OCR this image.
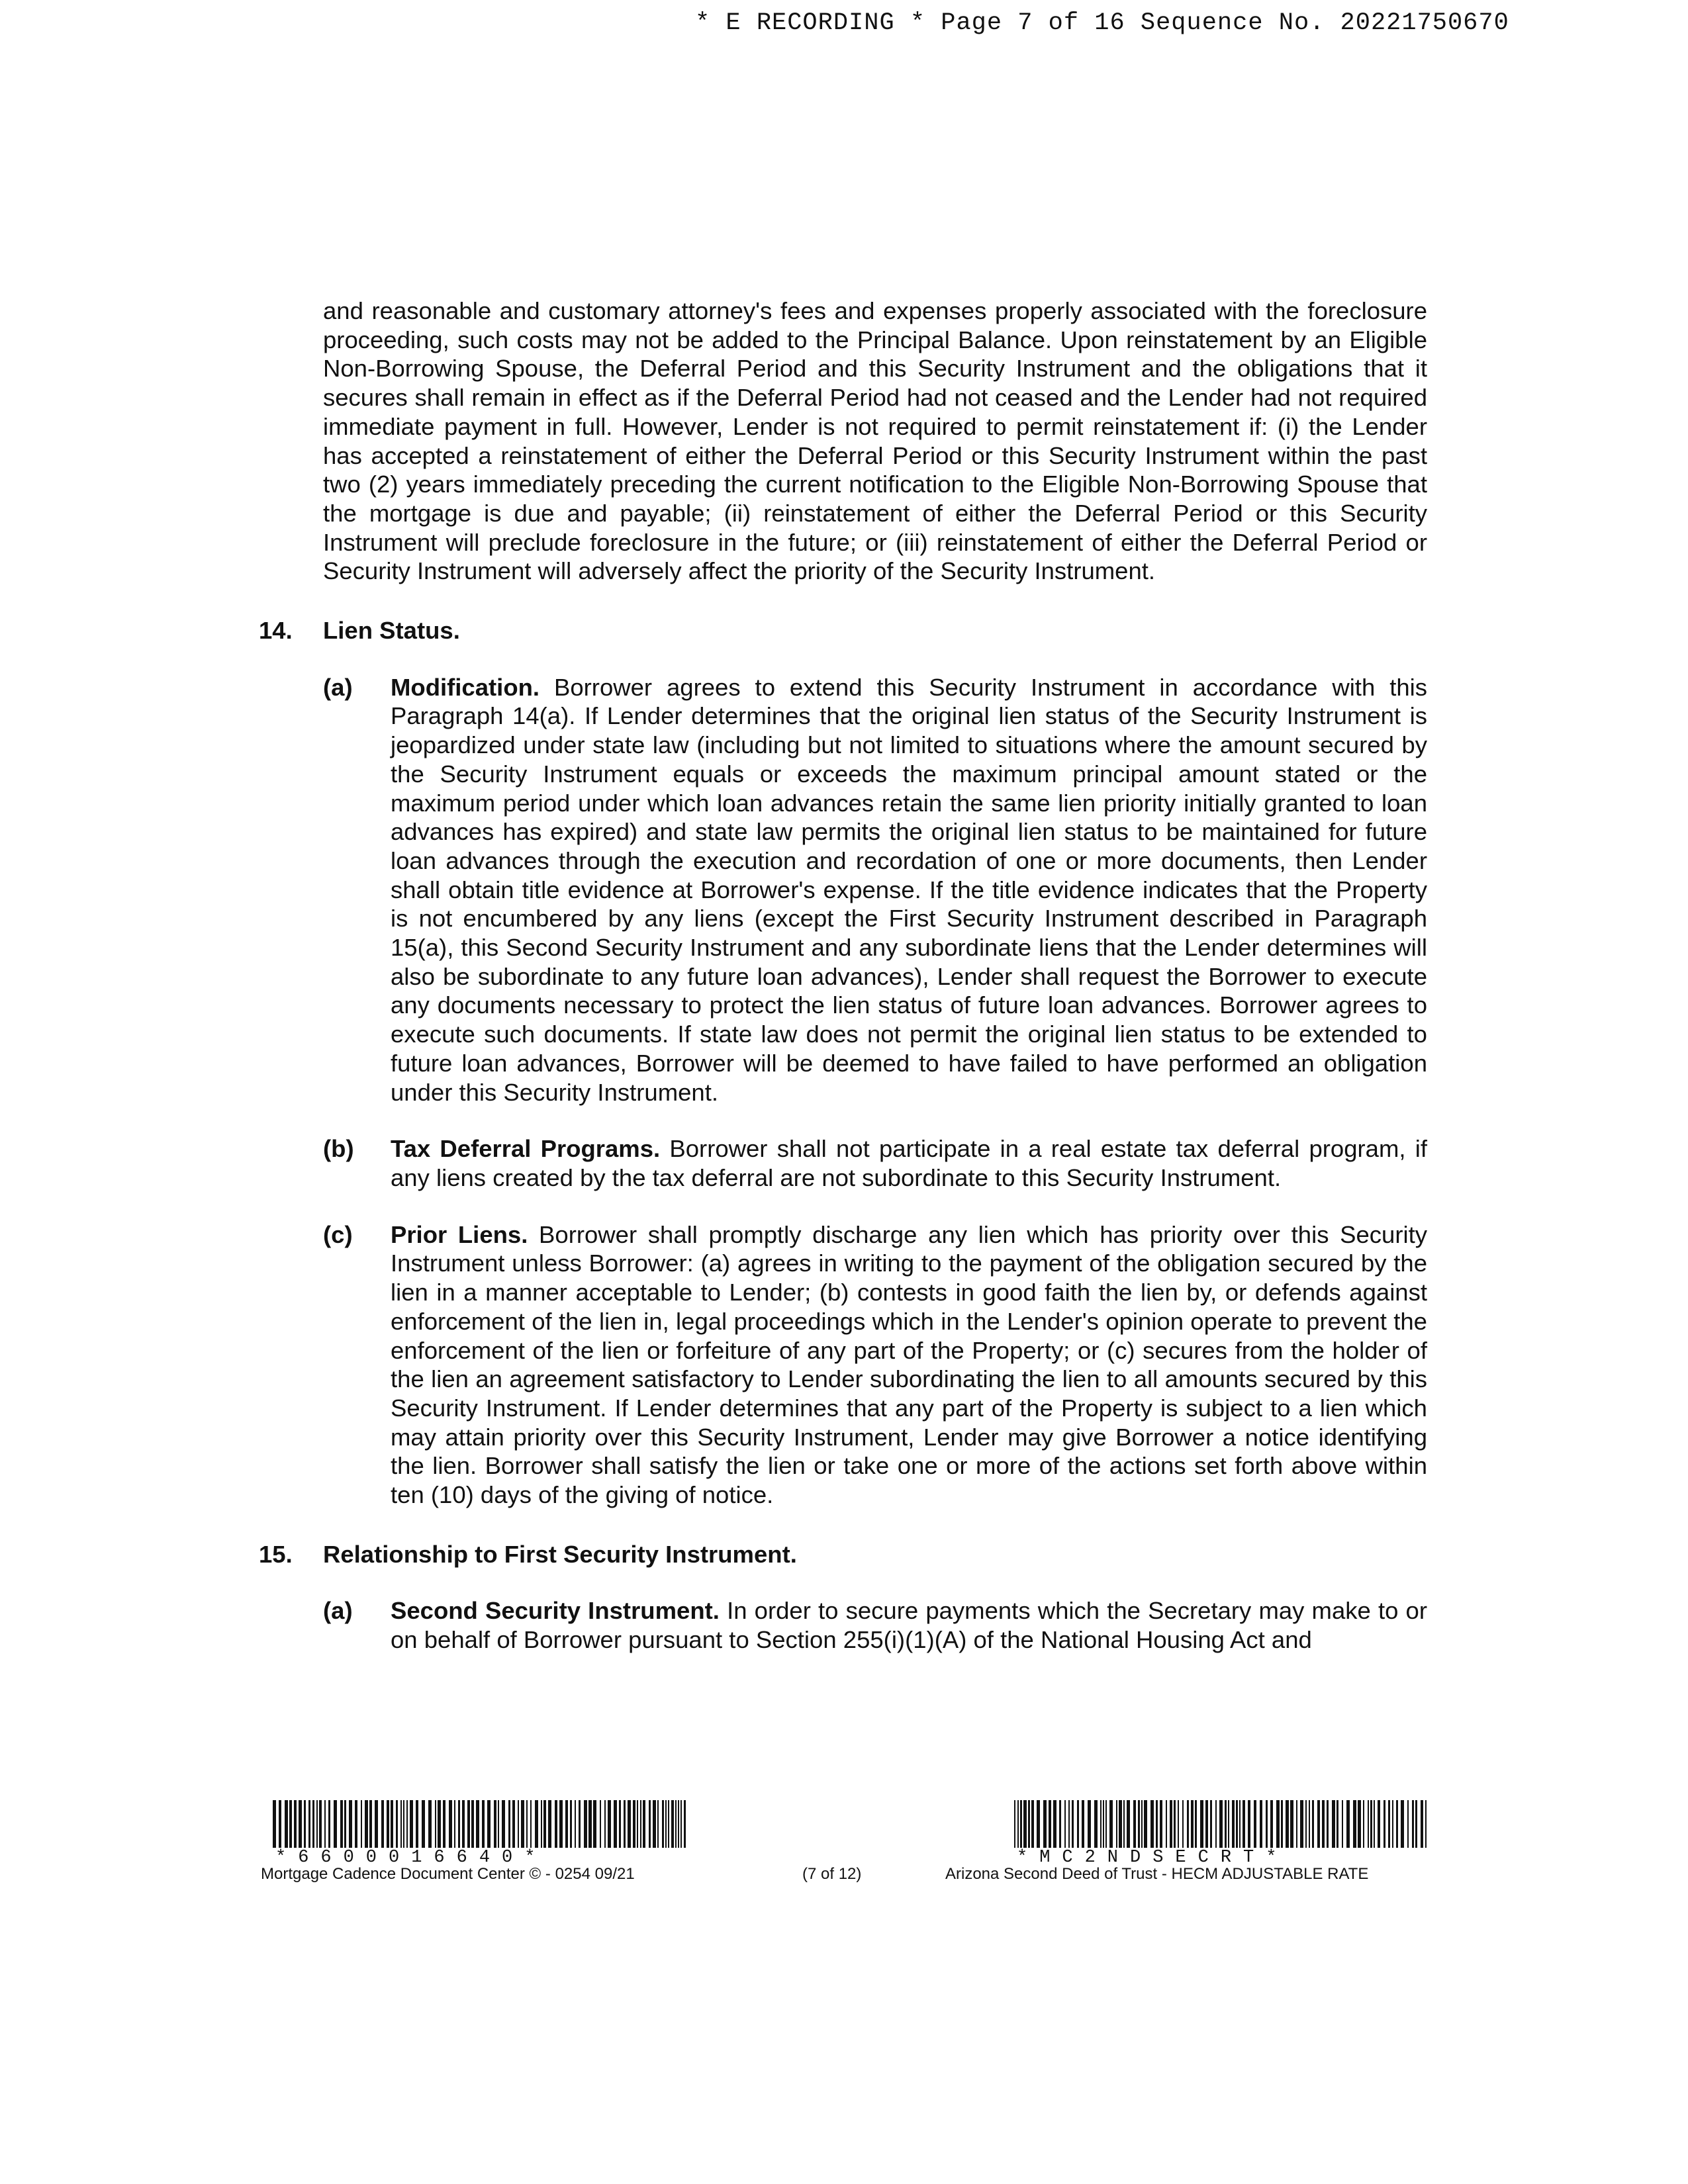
* E RECORDING * Page 7 of 16 Sequence No. 20221750670

and reasonable and customary attorney's fees and expenses properly associated with the foreclosure proceeding, such costs may not be added to the Principal Balance. Upon reinstatement by an Eligible Non-Borrowing Spouse, the Deferral Period and this Security Instrument and the obligations that it secures shall remain in effect as if the Deferral Period had not ceased and the Lender had not required immediate payment in full. However, Lender is not required to permit reinstatement if: (i) the Lender has accepted a reinstatement of either the Deferral Period or this Security Instrument within the past two (2) years immediately preceding the current notification to the Eligible Non-Borrowing Spouse that the mortgage is due and payable; (ii) reinstatement of either the Deferral Period or this Security Instrument will preclude foreclosure in the future; or (iii) reinstatement of either the Deferral Period or Security Instrument will adversely affect the priority of the Security Instrument.

14. Lien Status.
(a) Modification. Borrower agrees to extend this Security Instrument in accordance with this Paragraph 14(a). If Lender determines that the original lien status of the Security Instrument is jeopardized under state law (including but not limited to situations where the amount secured by the Security Instrument equals or exceeds the maximum principal amount stated or the maximum period under which loan advances retain the same lien priority initially granted to loan advances has expired) and state law permits the original lien status to be maintained for future loan advances through the execution and recordation of one or more documents, then Lender shall obtain title evidence at Borrower's expense. If the title evidence indicates that the Property is not encumbered by any liens (except the First Security Instrument described in Paragraph 15(a), this Second Security Instrument and any subordinate liens that the Lender determines will also be subordinate to any future loan advances), Lender shall request the Borrower to execute any documents necessary to protect the lien status of future loan advances. Borrower agrees to execute such documents. If state law does not permit the original lien status to be extended to future loan advances, Borrower will be deemed to have failed to have performed an obligation under this Security Instrument.

(b) Tax Deferral Programs. Borrower shall not participate in a real estate tax deferral program, if any liens created by the tax deferral are not subordinate to this Security Instrument.

(c) Prior Liens. Borrower shall promptly discharge any lien which has priority over this Security Instrument unless Borrower: (a) agrees in writing to the payment of the obligation secured by the lien in a manner acceptable to Lender; (b) contests in good faith the lien by, or defends against enforcement of the lien in, legal proceedings which in the Lender's opinion operate to prevent the enforcement of the lien or forfeiture of any part of the Property; or (c) secures from the holder of the lien an agreement satisfactory to Lender subordinating the lien to all amounts secured by this Security Instrument. If Lender determines that any part of the Property is subject to a lien which may attain priority over this Security Instrument, Lender may give Borrower a notice identifying the lien. Borrower shall satisfy the lien or take one or more of the actions set forth above within ten (10) days of the giving of notice.

15. Relationship to First Security Instrument.
(a) Second Security Instrument. In order to secure payments which the Secretary may make to or on behalf of Borrower pursuant to Section 255(i)(1)(A) of the National Housing Act and

*6600016640*	*MC2NDSECRT*
Mortgage Cadence Document Center © - 0254 09/21	(7 of 12)	Arizona Second Deed of Trust - HECM ADJUSTABLE RATE
